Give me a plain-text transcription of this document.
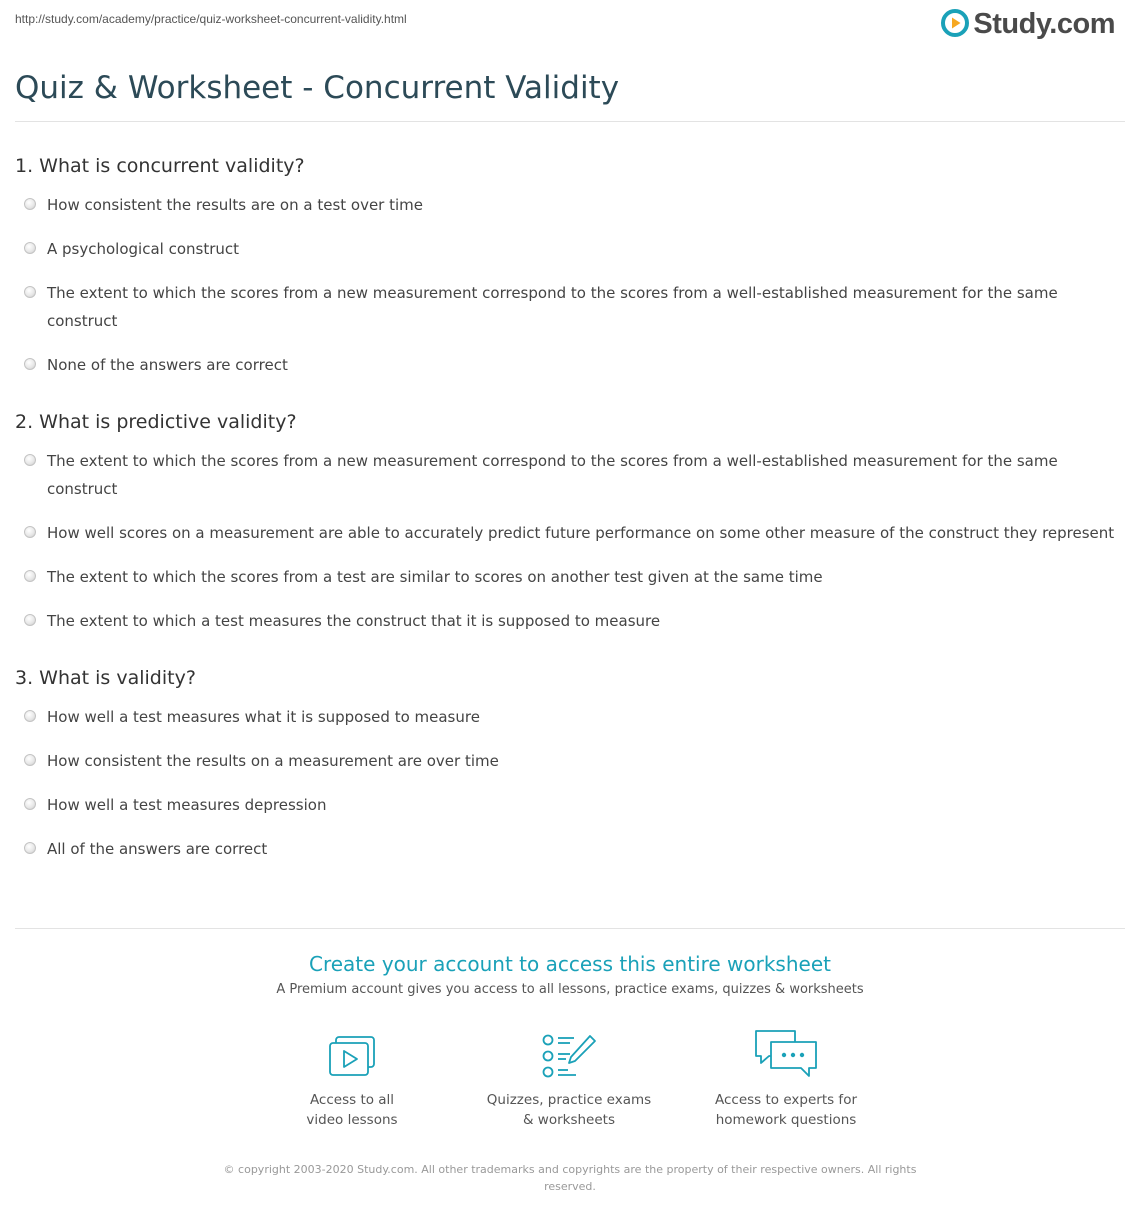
http://study.com/academy/practice/quiz-worksheet-concurrent-validity.html	Study.com
Quiz & Worksheet - Concurrent Validity
1. What is concurrent validity?
How consistent the results are on a test over time
A psychological construct
The extent to which the scores from a new measurement correspond to the scores from a well-established measurement for the same construct
None of the answers are correct
2. What is predictive validity?
The extent to which the scores from a new measurement correspond to the scores from a well-established measurement for the same construct
How well scores on a measurement are able to accurately predict future performance on some other measure of the construct they represent
The extent to which the scores from a test are similar to scores on another test given at the same time
The extent to which a test measures the construct that it is supposed to measure
3. What is validity?
How well a test measures what it is supposed to measure
How consistent the results on a measurement are over time
How well a test measures depression
All of the answers are correct
Create your account to access this entire worksheet
A Premium account gives you access to all lessons, practice exams, quizzes & worksheets
Access to all
video lessons
Quizzes, practice exams
& worksheets
Access to experts for
homework questions
© copyright 2003-2020 Study.com. All other trademarks and copyrights are the property of their respective owners. All rights reserved.
